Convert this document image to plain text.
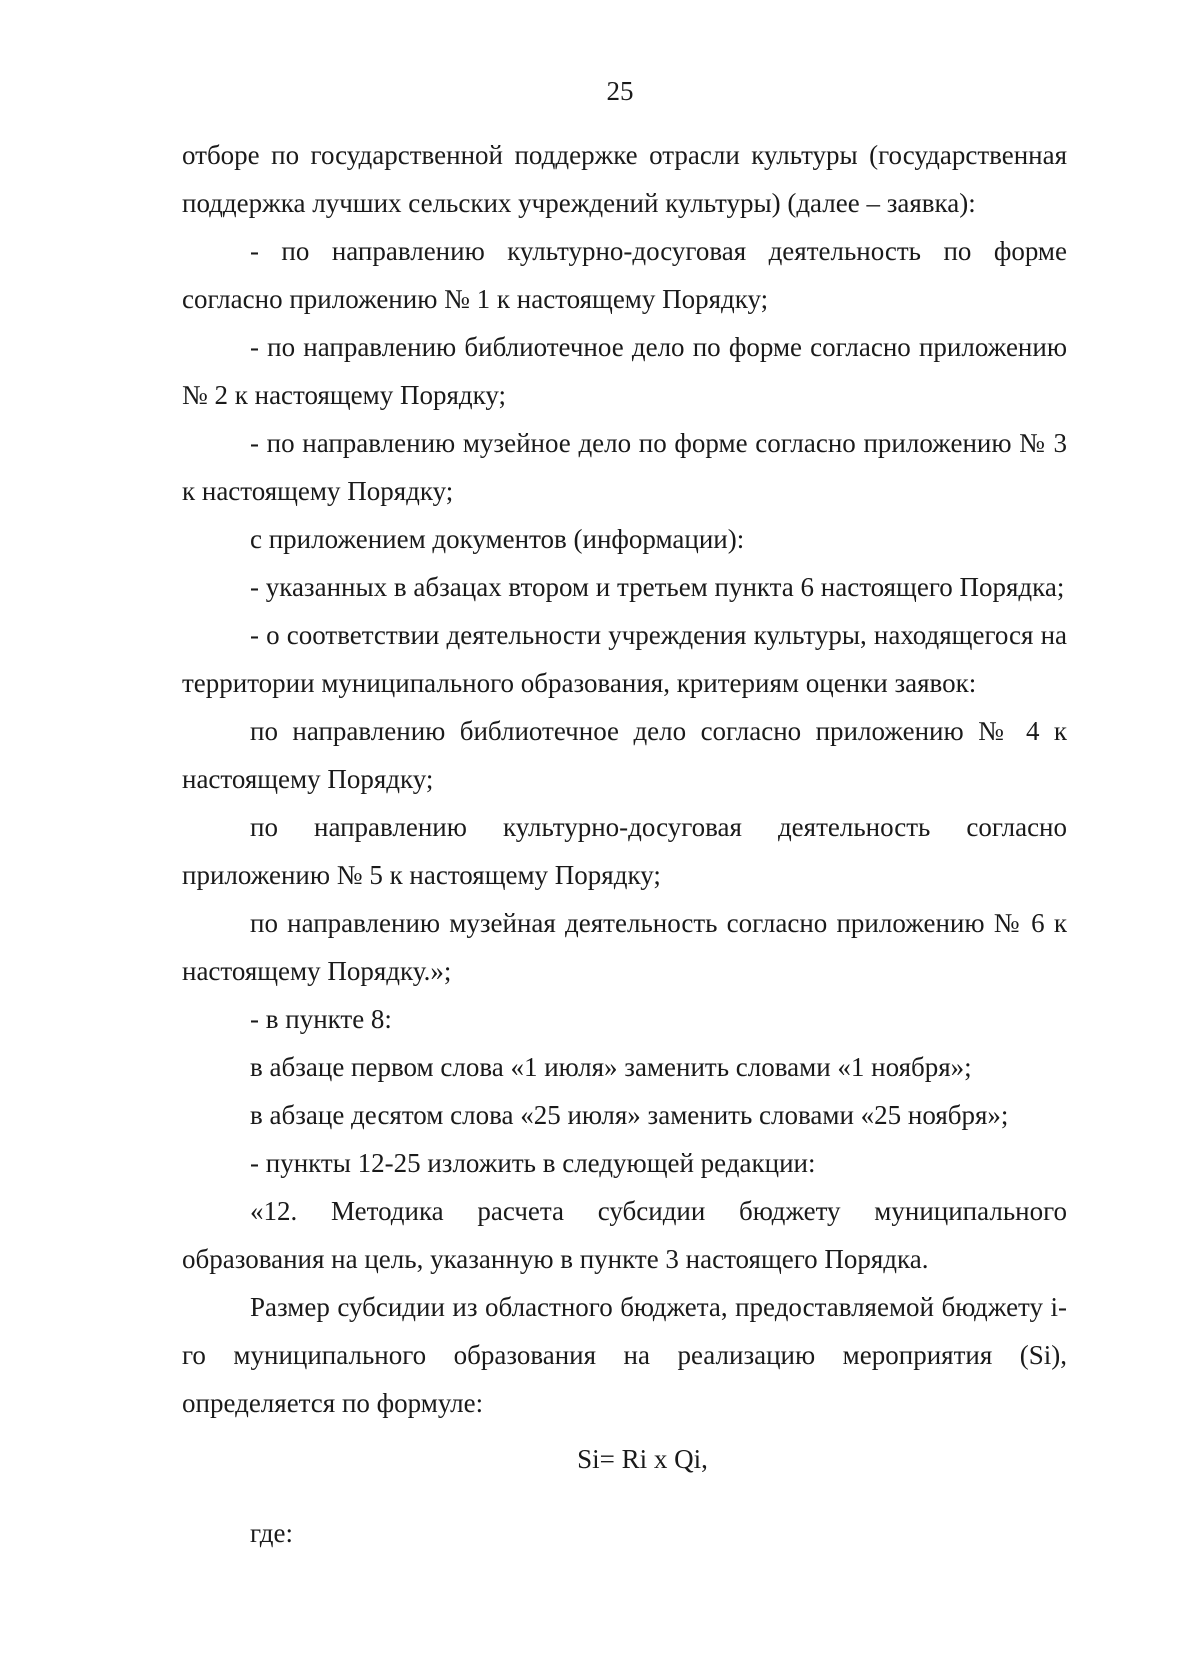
25

отборе по государственной поддержке отрасли культуры (государственная поддержка лучших сельских учреждений культуры) (далее – заявка):

- по направлению культурно-досуговая деятельность по форме согласно приложению № 1 к настоящему Порядку;

- по направлению библиотечное дело по форме согласно приложению № 2 к настоящему Порядку;

- по направлению музейное дело по форме согласно приложению № 3 к настоящему Порядку;

с приложением документов (информации):

- указанных в абзацах втором и третьем пункта 6 настоящего Порядка;

- о соответствии деятельности учреждения культуры, находящегося на территории муниципального образования, критериям оценки заявок:

по направлению библиотечное дело согласно приложению № 4 к настоящему Порядку;

по направлению культурно-досуговая деятельность согласно приложению № 5 к настоящему Порядку;

по направлению музейная деятельность согласно приложению № 6 к настоящему Порядку.»;

- в пункте 8:

в абзаце первом слова «1 июля» заменить словами «1 ноября»;

в абзаце десятом слова «25 июля» заменить словами «25 ноября»;

- пункты 12-25 изложить в следующей редакции:

«12. Методика расчета субсидии бюджету муниципального образования на цель, указанную в пункте 3 настоящего Порядка.

Размер субсидии из областного бюджета, предоставляемой бюджету i-го муниципального образования на реализацию мероприятия (Si), определяется по формуле:

Si= Ri x Qi,

где:
